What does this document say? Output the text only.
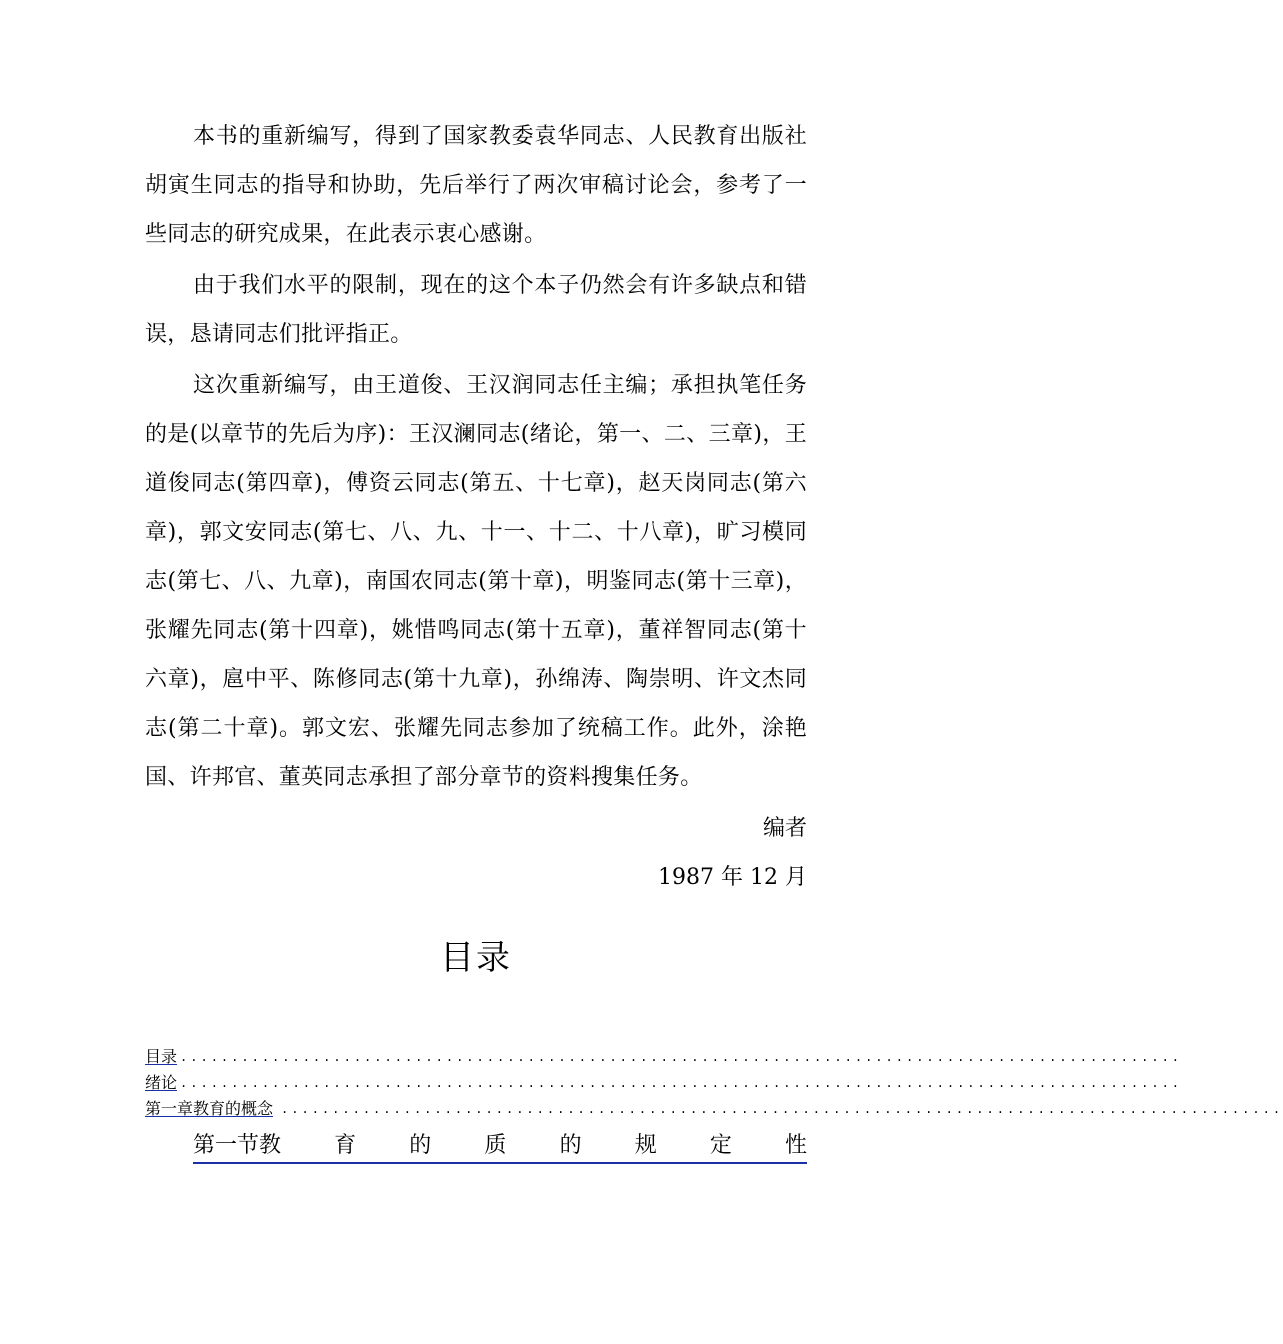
本书的重新编写，得到了国家教委袁华同志、人民教育出版社胡寅生同志的指导和协助，先后举行了两次审稿讨论会，参考了一些同志的研究成果，在此表示衷心感谢。

由于我们水平的限制，现在的这个本子仍然会有许多缺点和错误，恳请同志们批评指正。

这次重新编写，由王道俊、王汉润同志任主编；承担执笔任务的是(以章节的先后为序)：王汉澜同志(绪论，第一、二、三章)，王道俊同志(第四章)，傅资云同志(第五、十七章)，赵天岗同志(第六章)，郭文安同志(第七、八、九、十一、十二、十八章)，旷习模同志(第七、八、九章)，南国农同志(第十章)，明鉴同志(第十三章)，张耀先同志(第十四章)，姚惜鸣同志(第十五章)，董祥智同志(第十六章)，扈中平、陈修同志(第十九章)，孙绵涛、陶崇明、许文杰同志(第二十章)。郭文宏、张耀先同志参加了统稿工作。此外，涂艳国、许邦官、董英同志承担了部分章节的资料搜集任务。

编者

1987 年 12 月

目录
目录 ..................................................................................................
绪论 ..................................................................................................
第一章 教育的概念 ..................................................................................................
第一节教 育 的 质 的 规 定 性
